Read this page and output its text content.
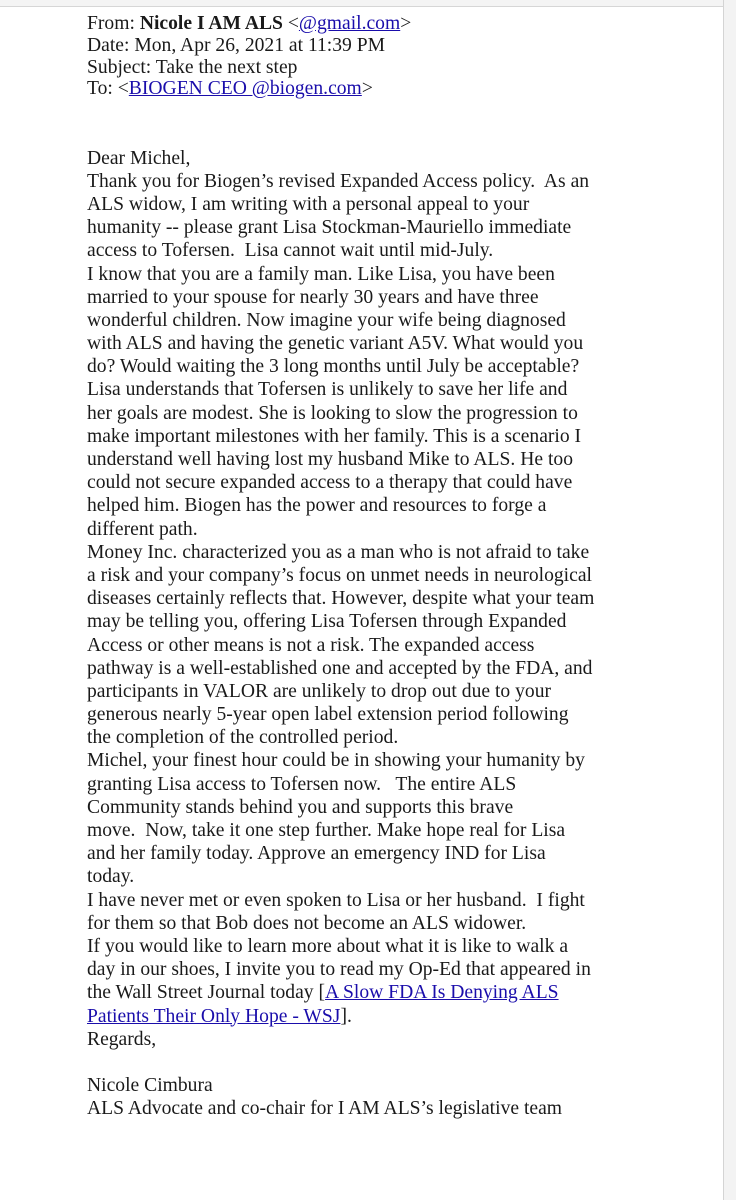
From: Nicole I AM ALS <@gmail.com>
Date: Mon, Apr 26, 2021 at 11:39 PM
Subject: Take the next step
To: <BIOGEN CEO @biogen.com>
Dear Michel,
Thank you for Biogen’s revised Expanded Access policy.  As an
ALS widow, I am writing with a personal appeal to your
humanity -- please grant Lisa Stockman-Mauriello immediate
access to Tofersen.  Lisa cannot wait until mid-July.
I know that you are a family man. Like Lisa, you have been
married to your spouse for nearly 30 years and have three
wonderful children. Now imagine your wife being diagnosed
with ALS and having the genetic variant A5V. What would you
do? Would waiting the 3 long months until July be acceptable?
Lisa understands that Tofersen is unlikely to save her life and
her goals are modest. She is looking to slow the progression to
make important milestones with her family. This is a scenario I
understand well having lost my husband Mike to ALS. He too
could not secure expanded access to a therapy that could have
helped him. Biogen has the power and resources to forge a
different path.
Money Inc. characterized you as a man who is not afraid to take
a risk and your company’s focus on unmet needs in neurological
diseases certainly reflects that. However, despite what your team
may be telling you, offering Lisa Tofersen through Expanded
Access or other means is not a risk. The expanded access
pathway is a well-established one and accepted by the FDA, and
participants in VALOR are unlikely to drop out due to your
generous nearly 5-year open label extension period following
the completion of the controlled period.
Michel, your finest hour could be in showing your humanity by
granting Lisa access to Tofersen now.   The entire ALS
Community stands behind you and supports this brave
move.  Now, take it one step further. Make hope real for Lisa
and her family today. Approve an emergency IND for Lisa
today.
I have never met or even spoken to Lisa or her husband.  I fight
for them so that Bob does not become an ALS widower.
If you would like to learn more about what it is like to walk a
day in our shoes, I invite you to read my Op-Ed that appeared in
the Wall Street Journal today [A Slow FDA Is Denying ALS
Patients Their Only Hope - WSJ].
Regards,
Nicole Cimbura
ALS Advocate and co-chair for I AM ALS’s legislative team
